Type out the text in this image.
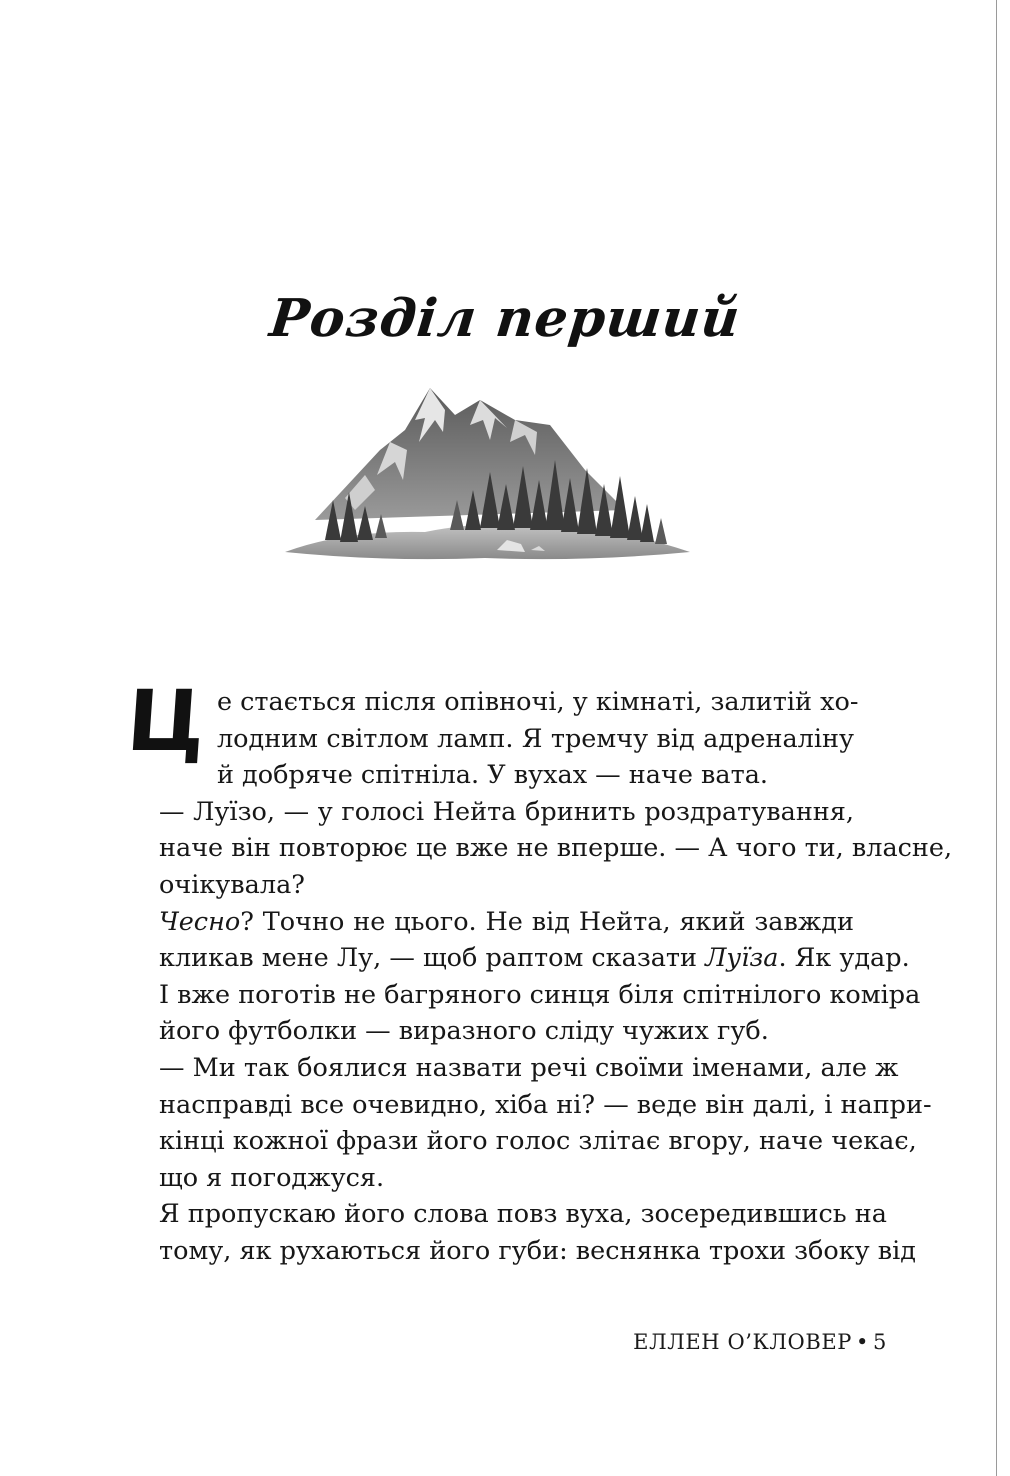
Розділ перший
Ц е стається після опівночі, у кімнаті, залитій хо-
лодним світлом ламп. Я тремчу від адреналіну
й добряче спітніла. У вухах — наче вата.
— Луїзо, — у голосі Нейта бринить роздратування,
наче він повторює це вже не вперше. — А чого ти, власне,
очікувала?
Чесно? Точно не цього. Не від Нейта, який завжди
кликав мене Лу, — щоб раптом сказати Луїза. Як удар.
І вже поготів не багряного синця біля спітнілого коміра
його футболки — виразного сліду чужих губ.
— Ми так боялися назвати речі своїми іменами, але ж
насправді все очевидно, хіба ні? — веде він далі, і напри-
кінці кожної фрази його голос злітає вгору, наче чекає,
що я погоджуся.
Я пропускаю його слова повз вуха, зосередившись на
тому, як рухаються його губи: веснянка трохи збоку від
ЕЛЛЕН О’КЛОВЕР • 5
